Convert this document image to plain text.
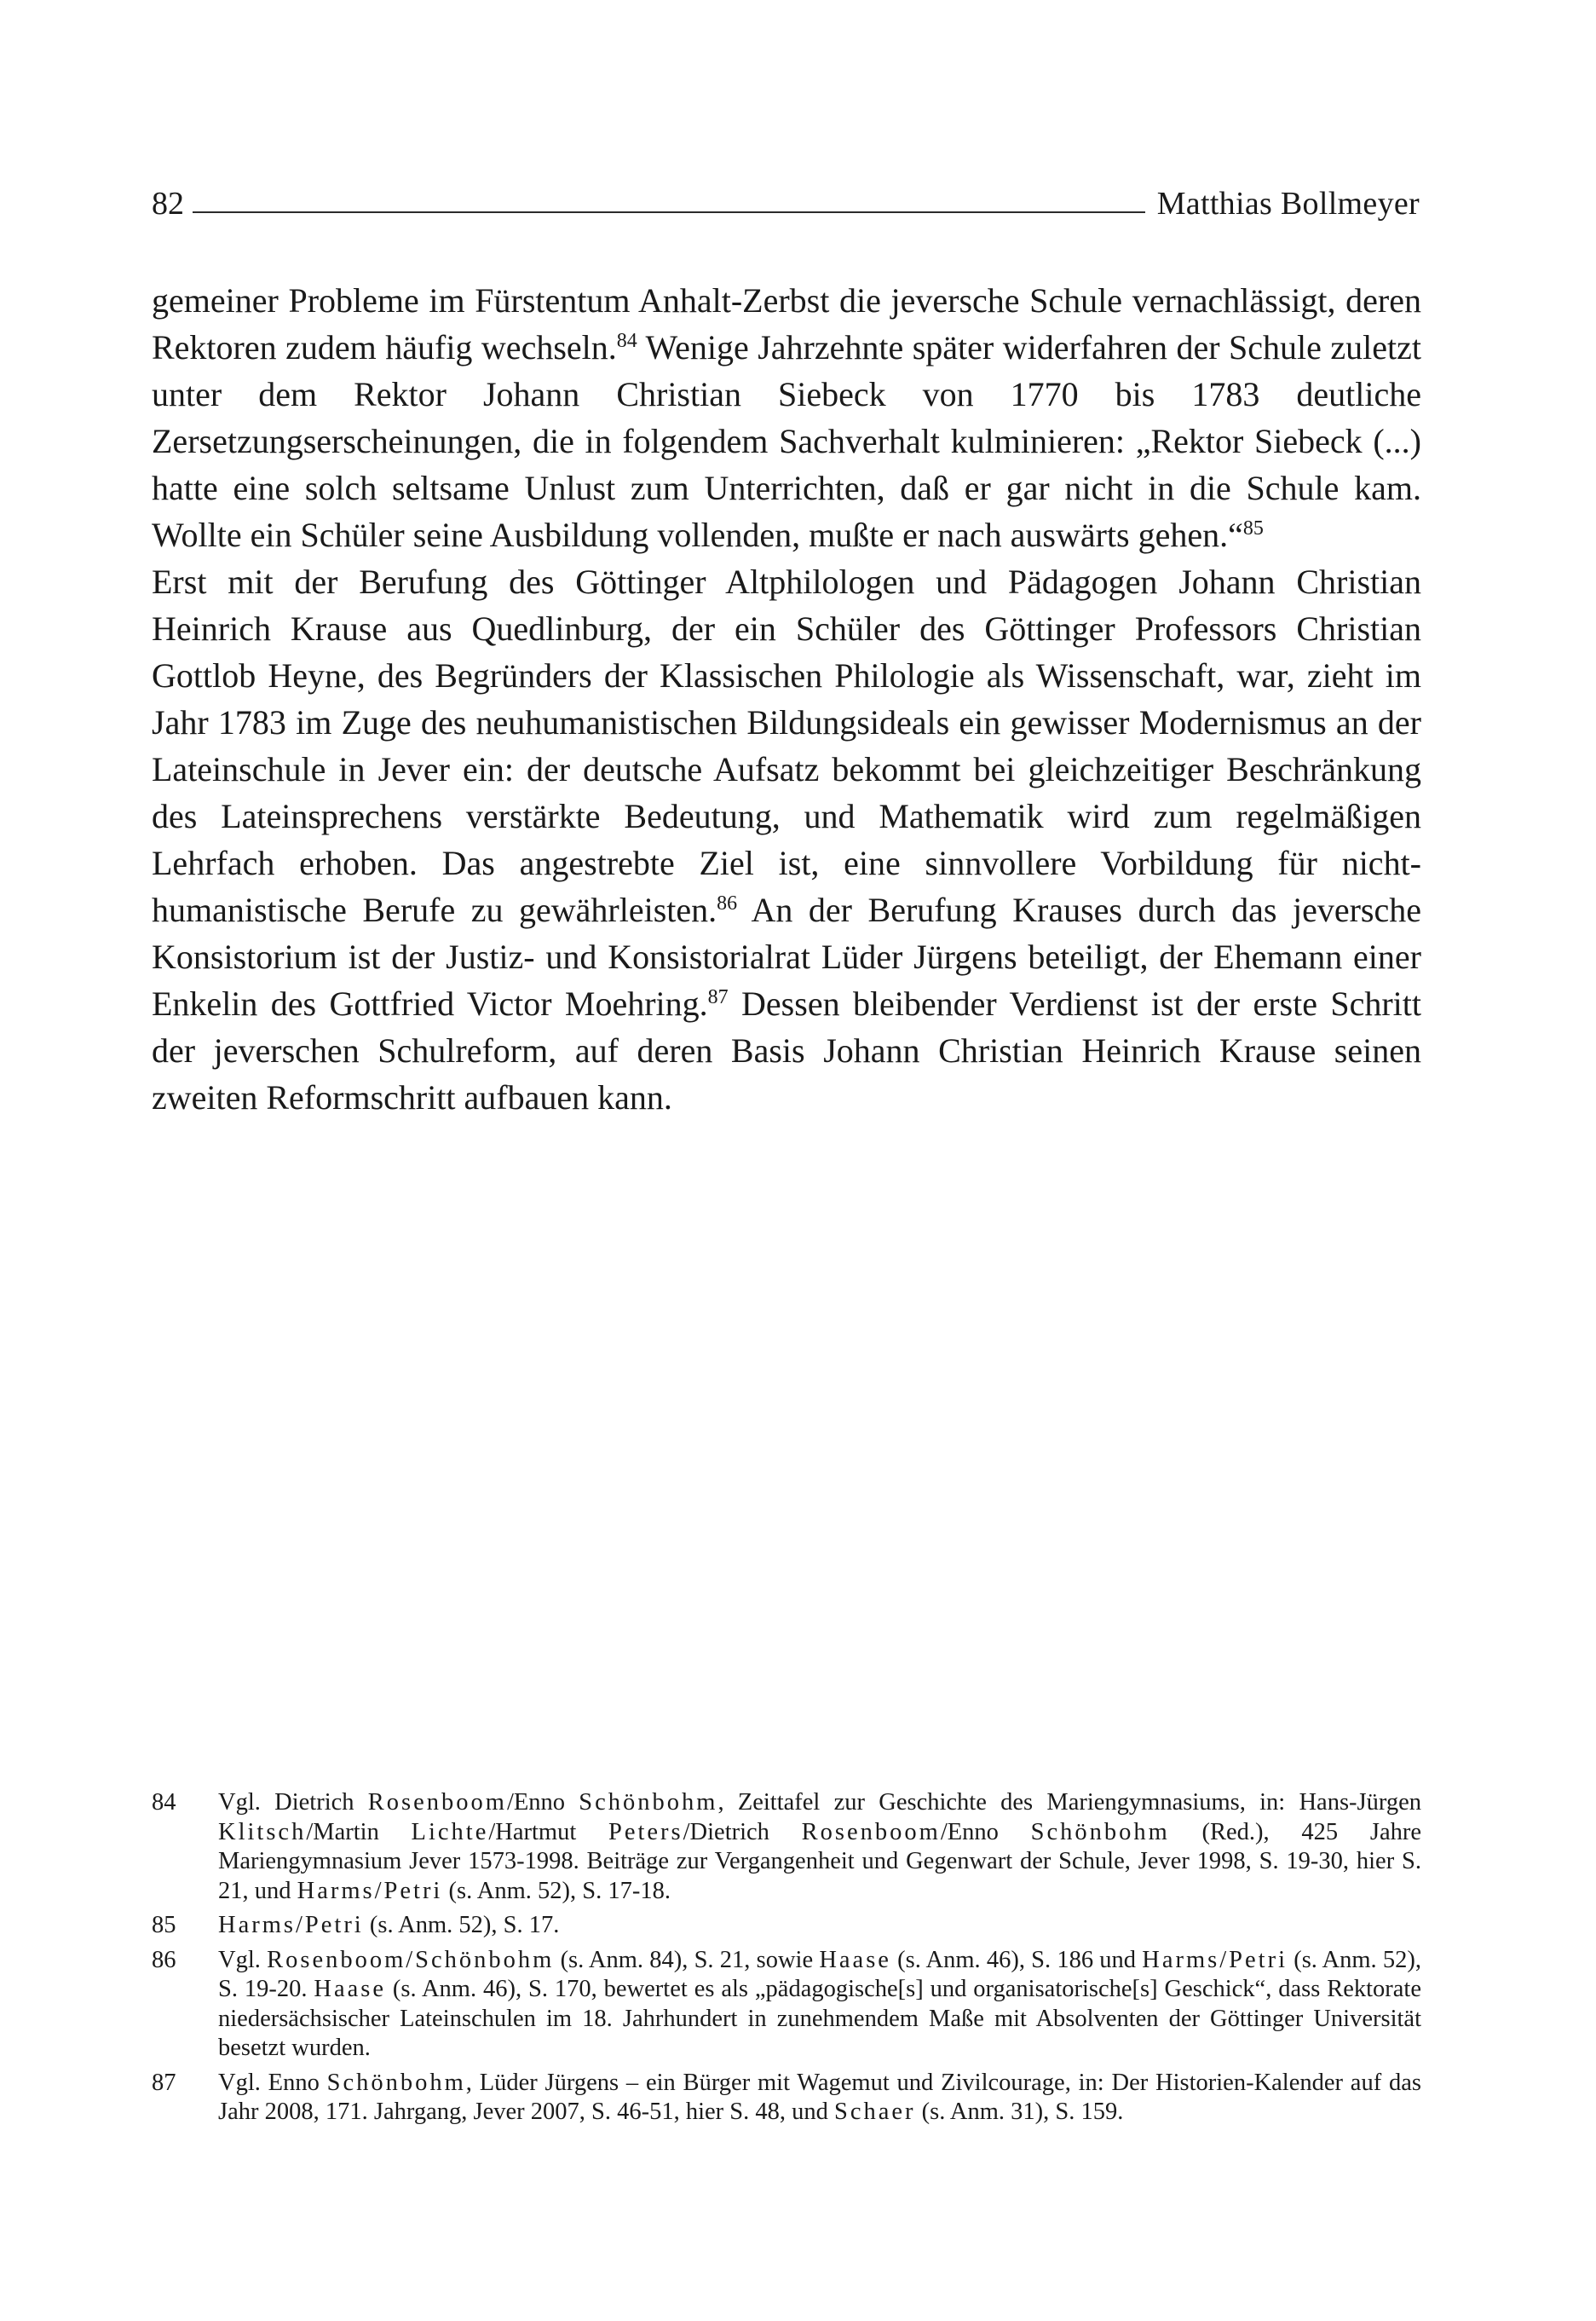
82	Matthias Bollmeyer

gemeiner Probleme im Fürstentum Anhalt-Zerbst die jeversche Schule vernachlässigt, deren Rektoren zudem häufig wechseln.$^{84}$ Wenige Jahrzehnte später widerfahren der Schule zuletzt unter dem Rektor Johann Christian Siebeck von 1770 bis 1783 deutliche Zersetzungserscheinungen, die in folgendem Sachverhalt kulminieren: „Rektor Siebeck (...) hatte eine solch seltsame Unlust zum Unterrichten, daß er gar nicht in die Schule kam. Wollte ein Schüler seine Ausbildung vollenden, mußte er nach auswärts gehen.“$^{85}$

Erst mit der Berufung des Göttinger Altphilologen und Pädagogen Johann Christian Heinrich Krause aus Quedlinburg, der ein Schüler des Göttinger Professors Christian Gottlob Heyne, des Begründers der Klassischen Philologie als Wissenschaft, war, zieht im Jahr 1783 im Zuge des neuhumanistischen Bildungsideals ein gewisser Modernismus an der Lateinschule in Jever ein: der deutsche Aufsatz bekommt bei gleichzeitiger Beschränkung des Lateinsprechens verstärkte Bedeutung, und Mathematik wird zum regelmäßigen Lehrfach erhoben. Das angestrebte Ziel ist, eine sinnvollere Vorbildung für nicht-humanistische Berufe zu gewährleisten.$^{86}$ An der Berufung Krauses durch das jeversche Konsistorium ist der Justiz- und Konsistorialrat Lüder Jürgens beteiligt, der Ehemann einer Enkelin des Gottfried Victor Moehring.$^{87}$ Dessen bleibender Verdienst ist der erste Schritt der jeverschen Schulreform, auf deren Basis Johann Christian Heinrich Krause seinen zweiten Reformschritt aufbauen kann.

84	Vgl. Dietrich Rosenboom/Enno Schönbohm, Zeittafel zur Geschichte des Mariengymnasiums, in: Hans-Jürgen Klitsch/Martin Lichte/Hartmut Peters/Dietrich Rosenboom/Enno Schönbohm (Red.), 425 Jahre Mariengymnasium Jever 1573-1998. Beiträge zur Vergangenheit und Gegenwart der Schule, Jever 1998, S. 19-30, hier S. 21, und Harms/Petri (s. Anm. 52), S. 17-18.
85	Harms/Petri (s. Anm. 52), S. 17.
86	Vgl. Rosenboom/Schönbohm (s. Anm. 84), S. 21, sowie Haase (s. Anm. 46), S. 186 und Harms/Petri (s. Anm. 52), S. 19-20. Haase (s. Anm. 46), S. 170, bewertet es als „pädagogische[s] und organisatorische[s] Geschick“, dass Rektorate niedersächsischer Lateinschulen im 18. Jahrhundert in zunehmendem Maße mit Absolventen der Göttinger Universität besetzt wurden.
87	Vgl. Enno Schönbohm, Lüder Jürgens – ein Bürger mit Wagemut und Zivilcourage, in: Der Historien-Kalender auf das Jahr 2008, 171. Jahrgang, Jever 2007, S. 46-51, hier S. 48, und Schaer (s. Anm. 31), S. 159.
